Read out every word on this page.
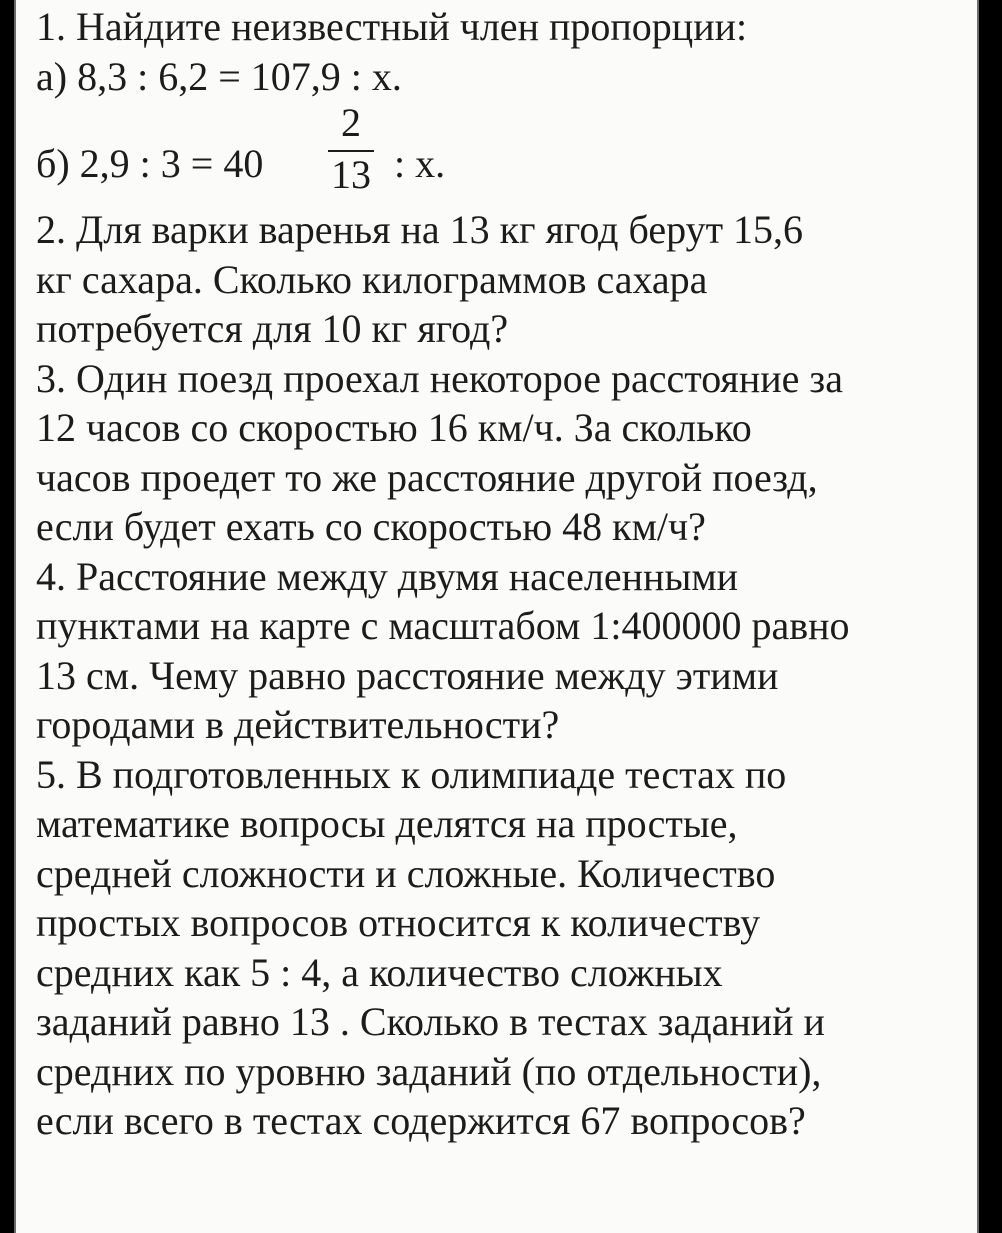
1. Найдите неизвестный член пропорции:
а) 8,3 : 6,2 = 107,9 : х.
б) 2,9 : 3 = 40
2
13 : х.
2. Для варки варенья на 13 кг ягод берут 15,6
кг сахара. Сколько килограммов сахара
потребуется для 10 кг ягод?
3. Один поезд проехал некоторое расстояние за
12 часов со скоростью 16 км/ч. За сколько
часов проедет то же расстояние другой поезд,
если будет ехать со скоростью 48 км/ч?
4. Расстояние между двумя населенными
пунктами на карте с масштабом 1:400000 равно
13 см. Чему равно расстояние между этими
городами в действительности?
5. В подготовленных к олимпиаде тестах по
математике вопросы делятся на простые,
средней сложности и сложные. Количество
простых вопросов относится к количеству
средних как 5 : 4, а количество сложных
заданий равно 13 . Сколько в тестах заданий и
средних по уровню заданий (по отдельности),
если всего в тестах содержится 67 вопросов?
